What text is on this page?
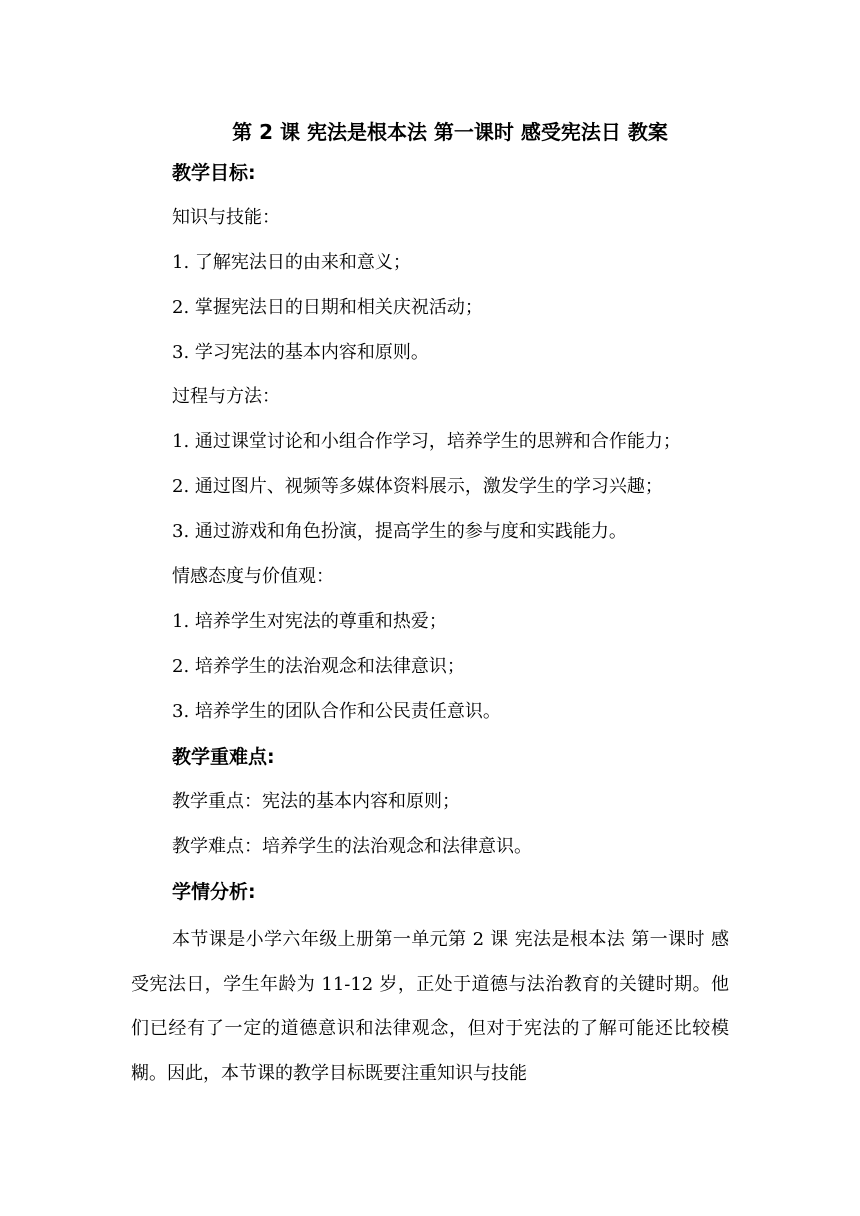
第 2 课 宪法是根本法 第一课时 感受宪法日 教案
教学目标:
知识与技能：
1. 了解宪法日的由来和意义；
2. 掌握宪法日的日期和相关庆祝活动；
3. 学习宪法的基本内容和原则。
过程与方法：
1. 通过课堂讨论和小组合作学习，培养学生的思辨和合作能力；
2. 通过图片、视频等多媒体资料展示，激发学生的学习兴趣；
3. 通过游戏和角色扮演，提高学生的参与度和实践能力。
情感态度与价值观：
1. 培养学生对宪法的尊重和热爱；
2. 培养学生的法治观念和法律意识；
3. 培养学生的团队合作和公民责任意识。
教学重难点:
教学重点：宪法的基本内容和原则；
教学难点：培养学生的法治观念和法律意识。
学情分析:
本节课是小学六年级上册第一单元第 2 课 宪法是根本法 第一课时 感受宪法日，学生年龄为 11-12 岁，正处于道德与法治教育的关键时期。他们已经有了一定的道德意识和法律观念，但对于宪法的了解可能还比较模糊。因此，本节课的教学目标既要注重知识与技能
